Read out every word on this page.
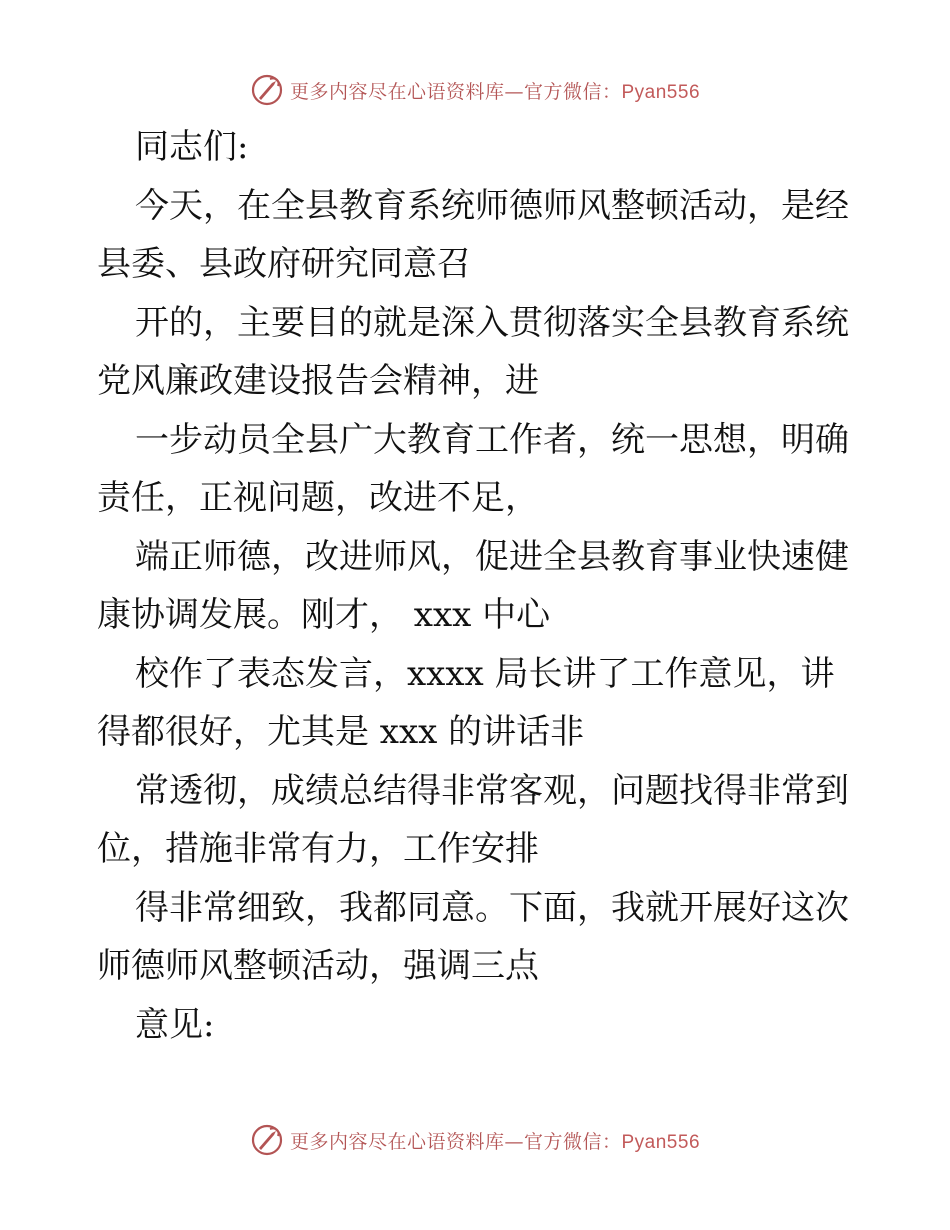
更多内容尽在心语资料库—官方微信：Pyan556
同志们:
今天，在全县教育系统师德师风整顿活动，是经
县委、县政府研究同意召
开的，主要目的就是深入贯彻落实全县教育系统
党风廉政建设报告会精神，进
一步动员全县广大教育工作者，统一思想，明确
责任，正视问题，改进不足，
端正师德，改进师风，促进全县教育事业快速健
康协调发展。刚才， xxx 中心
校作了表态发言，xxxx 局长讲了工作意见，讲
得都很好，尤其是 xxx 的讲话非
常透彻，成绩总结得非常客观，问题找得非常到
位，措施非常有力，工作安排
得非常细致，我都同意。下面，我就开展好这次
师德师风整顿活动，强调三点
意见:
更多内容尽在心语资料库—官方微信：Pyan556
